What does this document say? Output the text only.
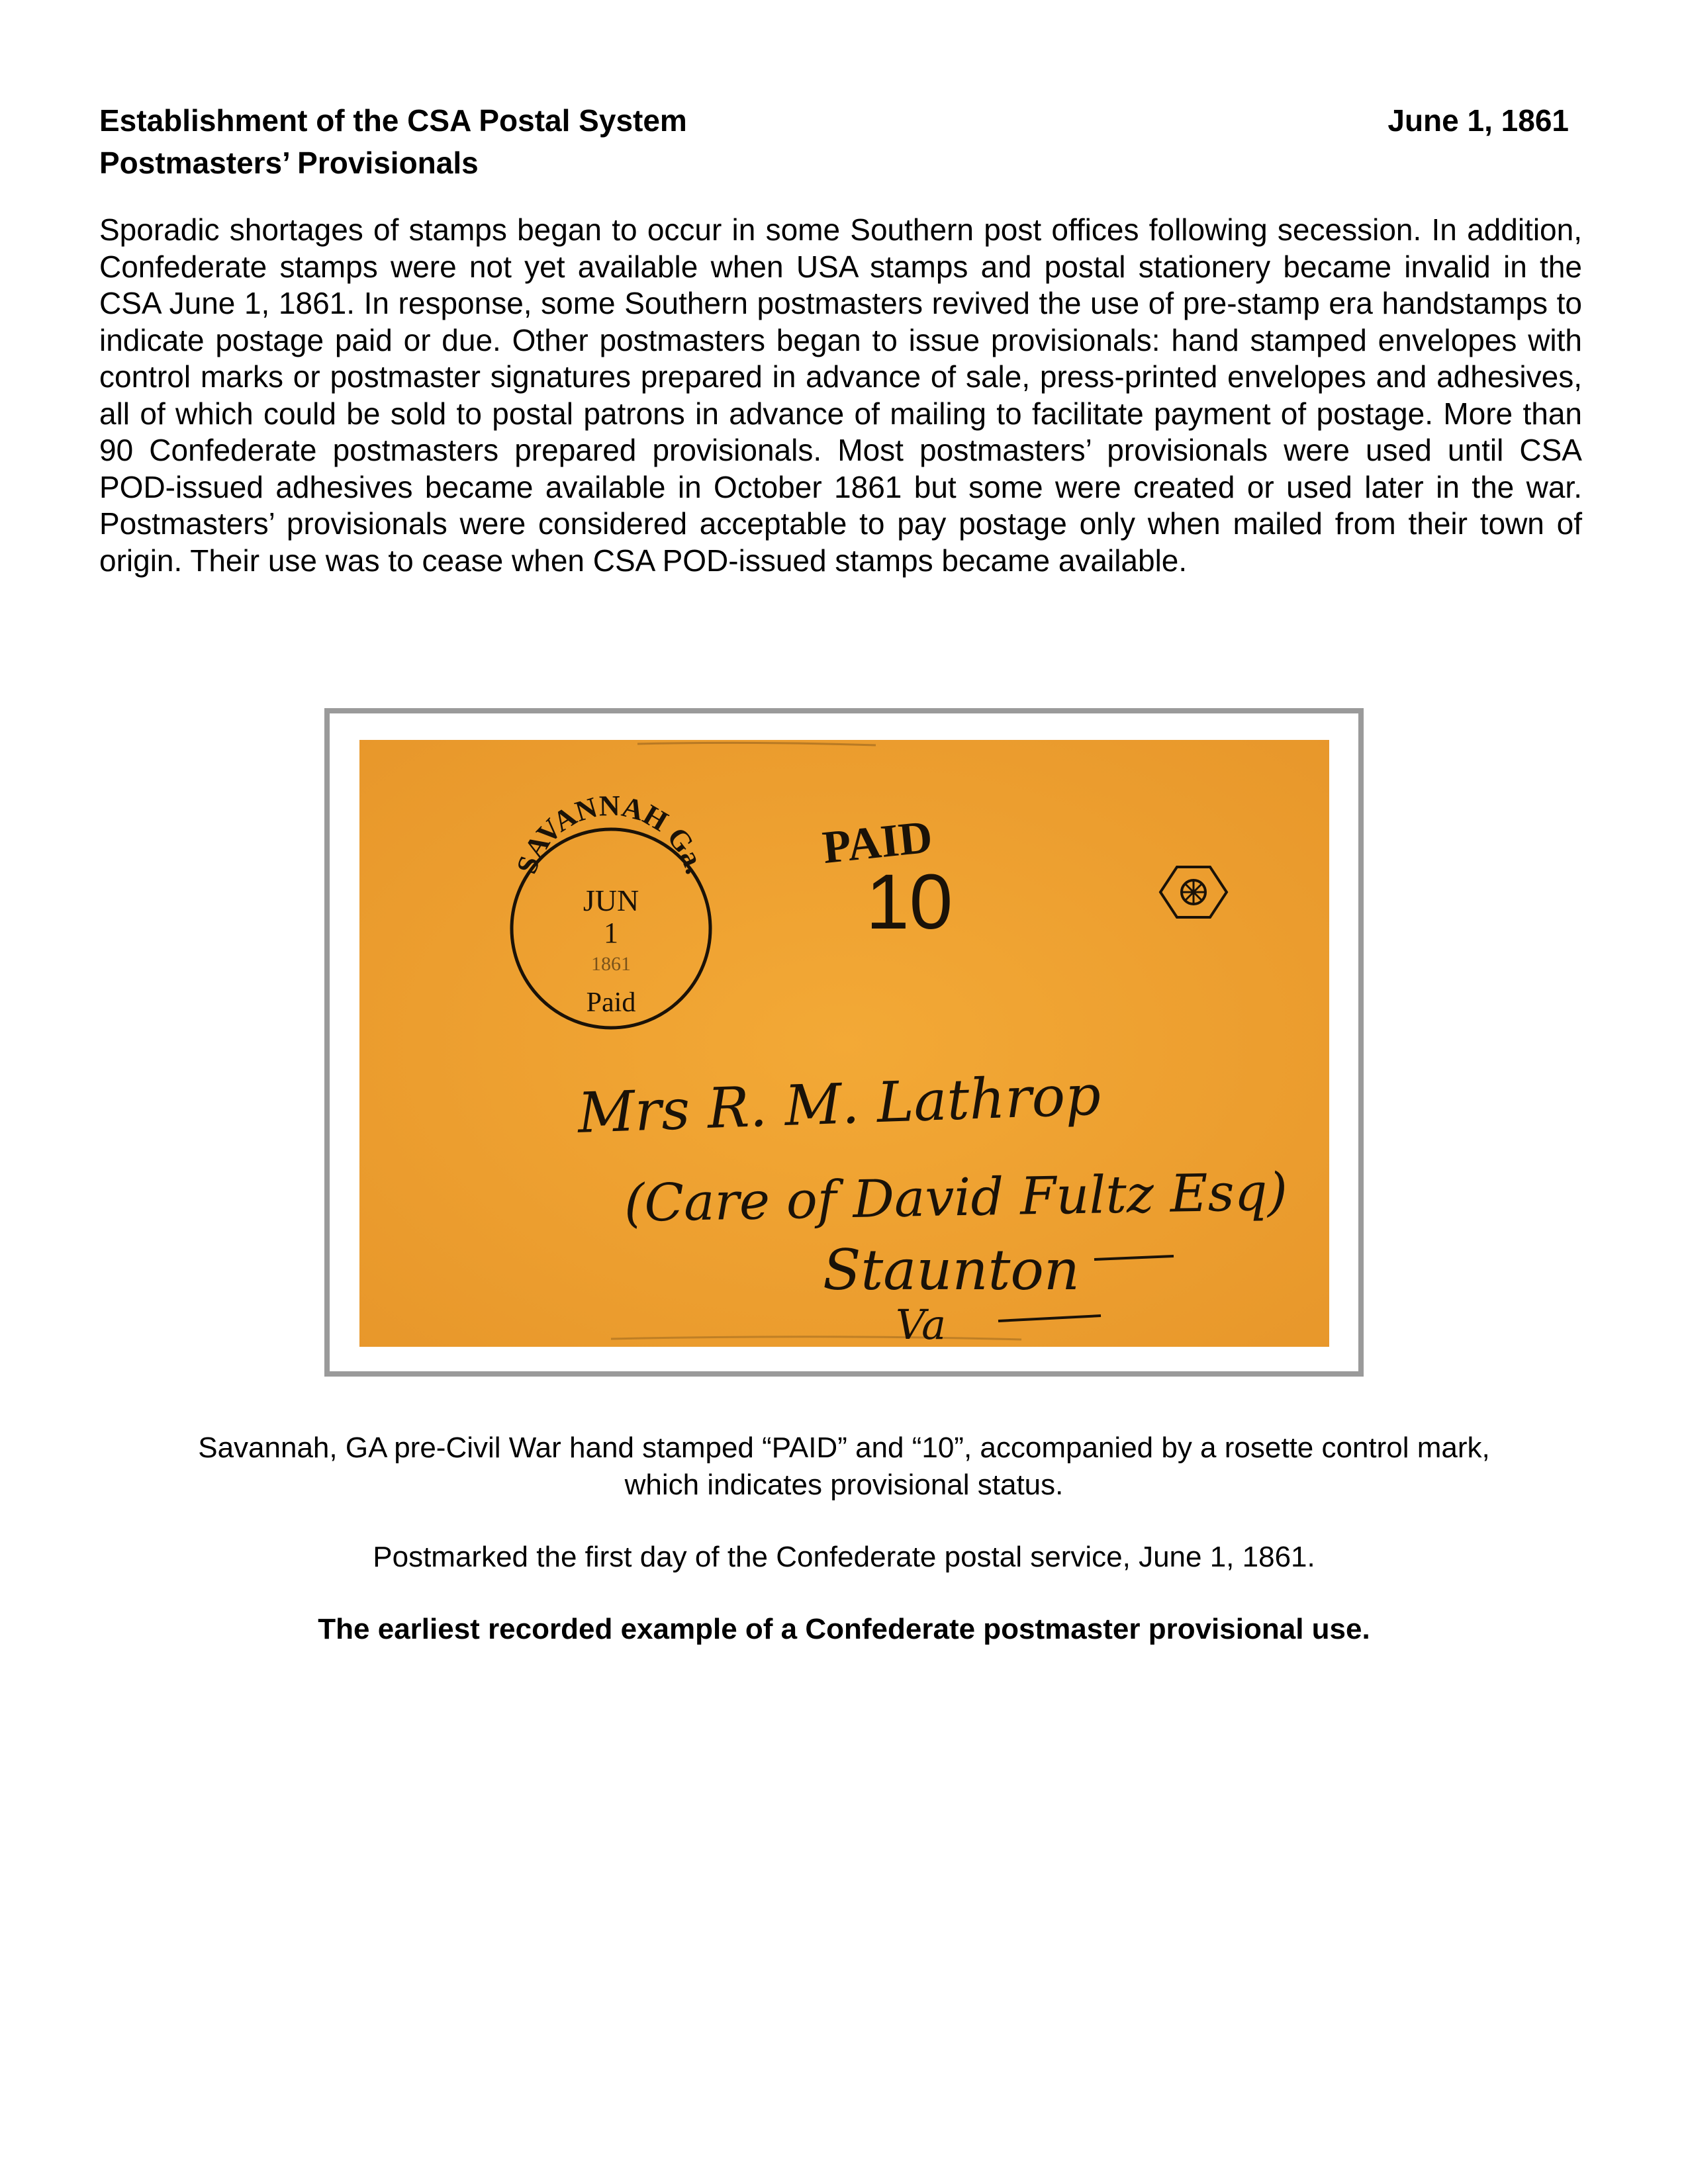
Establishment of the CSA Postal System	June 1, 1861
Postmasters’ Provisionals
Sporadic shortages of stamps began to occur in some Southern post offices following secession. In addition, Confederate stamps were not yet available when USA stamps and postal stationery became invalid in the CSA June 1, 1861. In response, some Southern postmasters revived the use of pre-stamp era handstamps to indicate postage paid or due. Other postmasters began to issue provisionals: hand stamped envelopes with control marks or postmaster signatures prepared in advance of sale, press-printed envelopes and adhesives, all of which could be sold to postal patrons in advance of mailing to facilitate payment of postage. More than 90 Confederate postmasters prepared provisionals. Most postmasters’ provisionals were used until CSA POD-issued adhesives became available in October 1861 but some were created or used later in the war. Postmasters’ provisionals were considered acceptable to pay postage only when mailed from their town of origin. Their use was to cease when CSA POD-issued stamps became available.
SAVANNAH Ga.
JUN
1
1861
Paid
PAID
10
Mrs R. M. Lathrop
(Care of David Fultz Esq)
Staunton
Va

Savannah, GA pre-Civil War hand stamped “PAID” and “10”, accompanied by a rosette control mark,

which indicates provisional status.

Postmarked the first day of the Confederate postal service, June 1, 1861.

The earliest recorded example of a Confederate postmaster provisional use.
